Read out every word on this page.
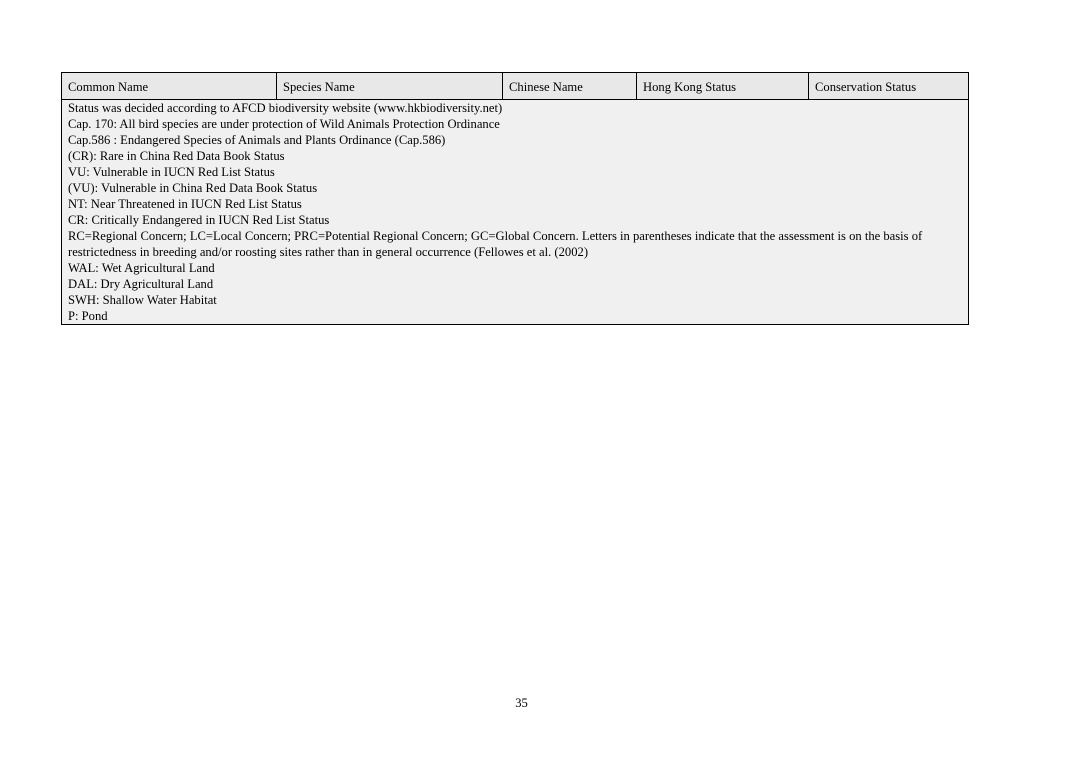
Common Name	Species Name	Chinese Name	Hong Kong Status	Conservation Status

Status was decided according to AFCD biodiversity website (www.hkbiodiversity.net)
Cap. 170: All bird species are under protection of Wild Animals Protection Ordinance
Cap.586 : Endangered Species of Animals and Plants Ordinance (Cap.586)
(CR): Rare in China Red Data Book Status
VU: Vulnerable in IUCN Red List Status
(VU): Vulnerable in China Red Data Book Status
NT: Near Threatened in IUCN Red List Status
CR: Critically Endangered in IUCN Red List Status
RC=Regional Concern; LC=Local Concern; PRC=Potential Regional Concern; GC=Global Concern. Letters in parentheses indicate that the assessment is on the basis of restrictedness in breeding and/or roosting sites rather than in general occurrence (Fellowes et al. (2002)
WAL: Wet Agricultural Land
DAL: Dry Agricultural Land
SWH: Shallow Water Habitat
P: Pond
35
